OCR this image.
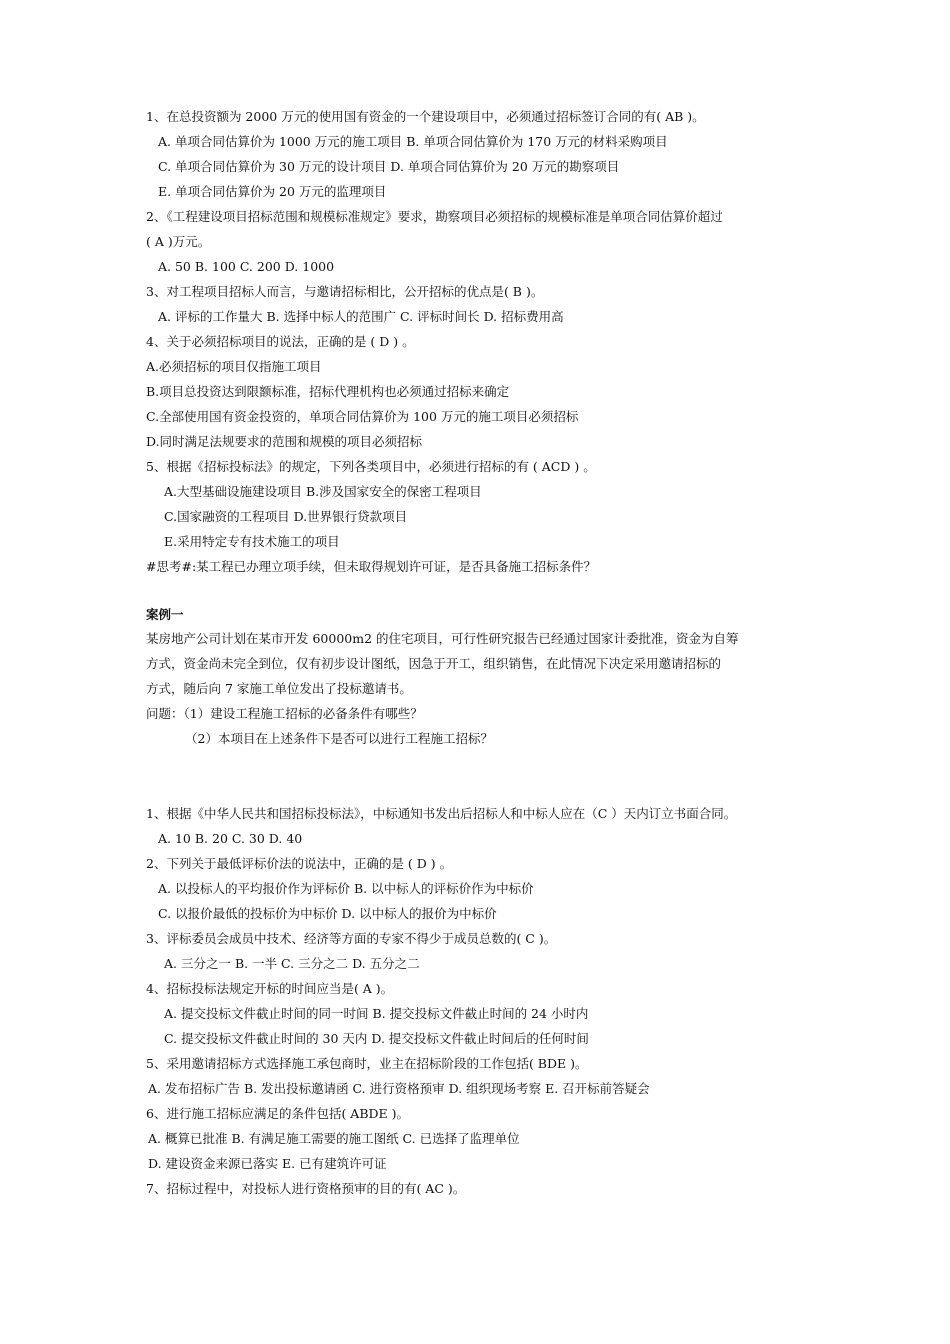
1、在总投资额为 2000 万元的使用国有资金的一个建设项目中，必须通过招标签订合同的有( AB )。
A. 单项合同估算价为 1000 万元的施工项目 B. 单项合同估算价为 170 万元的材料采购项目
C. 单项合同估算价为 30 万元的设计项目 D. 单项合同估算价为 20 万元的勘察项目
E. 单项合同估算价为 20 万元的监理项目
2、《工程建设项目招标范围和规模标准规定》要求，勘察项目必须招标的规模标准是单项合同估算价超过
( A )万元。
A. 50 B. 100 C. 200 D. 1000
3、对工程项目招标人而言，与邀请招标相比，公开招标的优点是( B )。
A. 评标的工作量大 B. 选择中标人的范围广 C. 评标时间长 D. 招标费用高
4、关于必须招标项目的说法，正确的是 ( D ) 。
A.必须招标的项目仅指施工项目
B.项目总投资达到限额标准，招标代理机构也必须通过招标来确定
C.全部使用国有资金投资的，单项合同估算价为 100 万元的施工项目必须招标
D.同时满足法规要求的范围和规模的项目必须招标
5、根据《招标投标法》的规定，下列各类项目中，必须进行招标的有 ( ACD ) 。
A.大型基础设施建设项目 B.涉及国家安全的保密工程项目
C.国家融资的工程项目 D.世界银行贷款项目
E.采用特定专有技术施工的项目
#思考#:某工程已办理立项手续，但未取得规划许可证，是否具备施工招标条件？
案例一
某房地产公司计划在某市开发 60000m2 的住宅项目，可行性研究报告已经通过国家计委批准，资金为自筹
方式，资金尚未完全到位，仅有初步设计图纸，因急于开工，组织销售，在此情况下决定采用邀请招标的
方式，随后向 7 家施工单位发出了投标邀请书。
问题：（1）建设工程施工招标的必备条件有哪些？
（2）本项目在上述条件下是否可以进行工程施工招标？
1、根据《中华人民共和国招标投标法》，中标通知书发出后招标人和中标人应在（C ）天内订立书面合同。
A. 10 B. 20 C. 30 D. 40
2、下列关于最低评标价法的说法中，正确的是 ( D ) 。
A. 以投标人的平均报价作为评标价 B. 以中标人的评标价作为中标价
C. 以报价最低的投标价为中标价 D. 以中标人的报价为中标价
3、评标委员会成员中技术、经济等方面的专家不得少于成员总数的( C )。
A. 三分之一 B. 一半 C. 三分之二 D. 五分之二
4、招标投标法规定开标的时间应当是( A )。
A. 提交投标文件截止时间的同一时间 B. 提交投标文件截止时间的 24 小时内
C. 提交投标文件截止时间的 30 天内 D. 提交投标文件截止时间后的任何时间
5、采用邀请招标方式选择施工承包商时，业主在招标阶段的工作包括( BDE )。
A. 发布招标广告 B. 发出投标邀请函 C. 进行资格预审 D. 组织现场考察 E. 召开标前答疑会
6、进行施工招标应满足的条件包括( ABDE )。
A. 概算已批准 B. 有满足施工需要的施工图纸 C. 已选择了监理单位
D. 建设资金来源已落实 E. 已有建筑许可证
7、招标过程中，对投标人进行资格预审的目的有( AC )。
